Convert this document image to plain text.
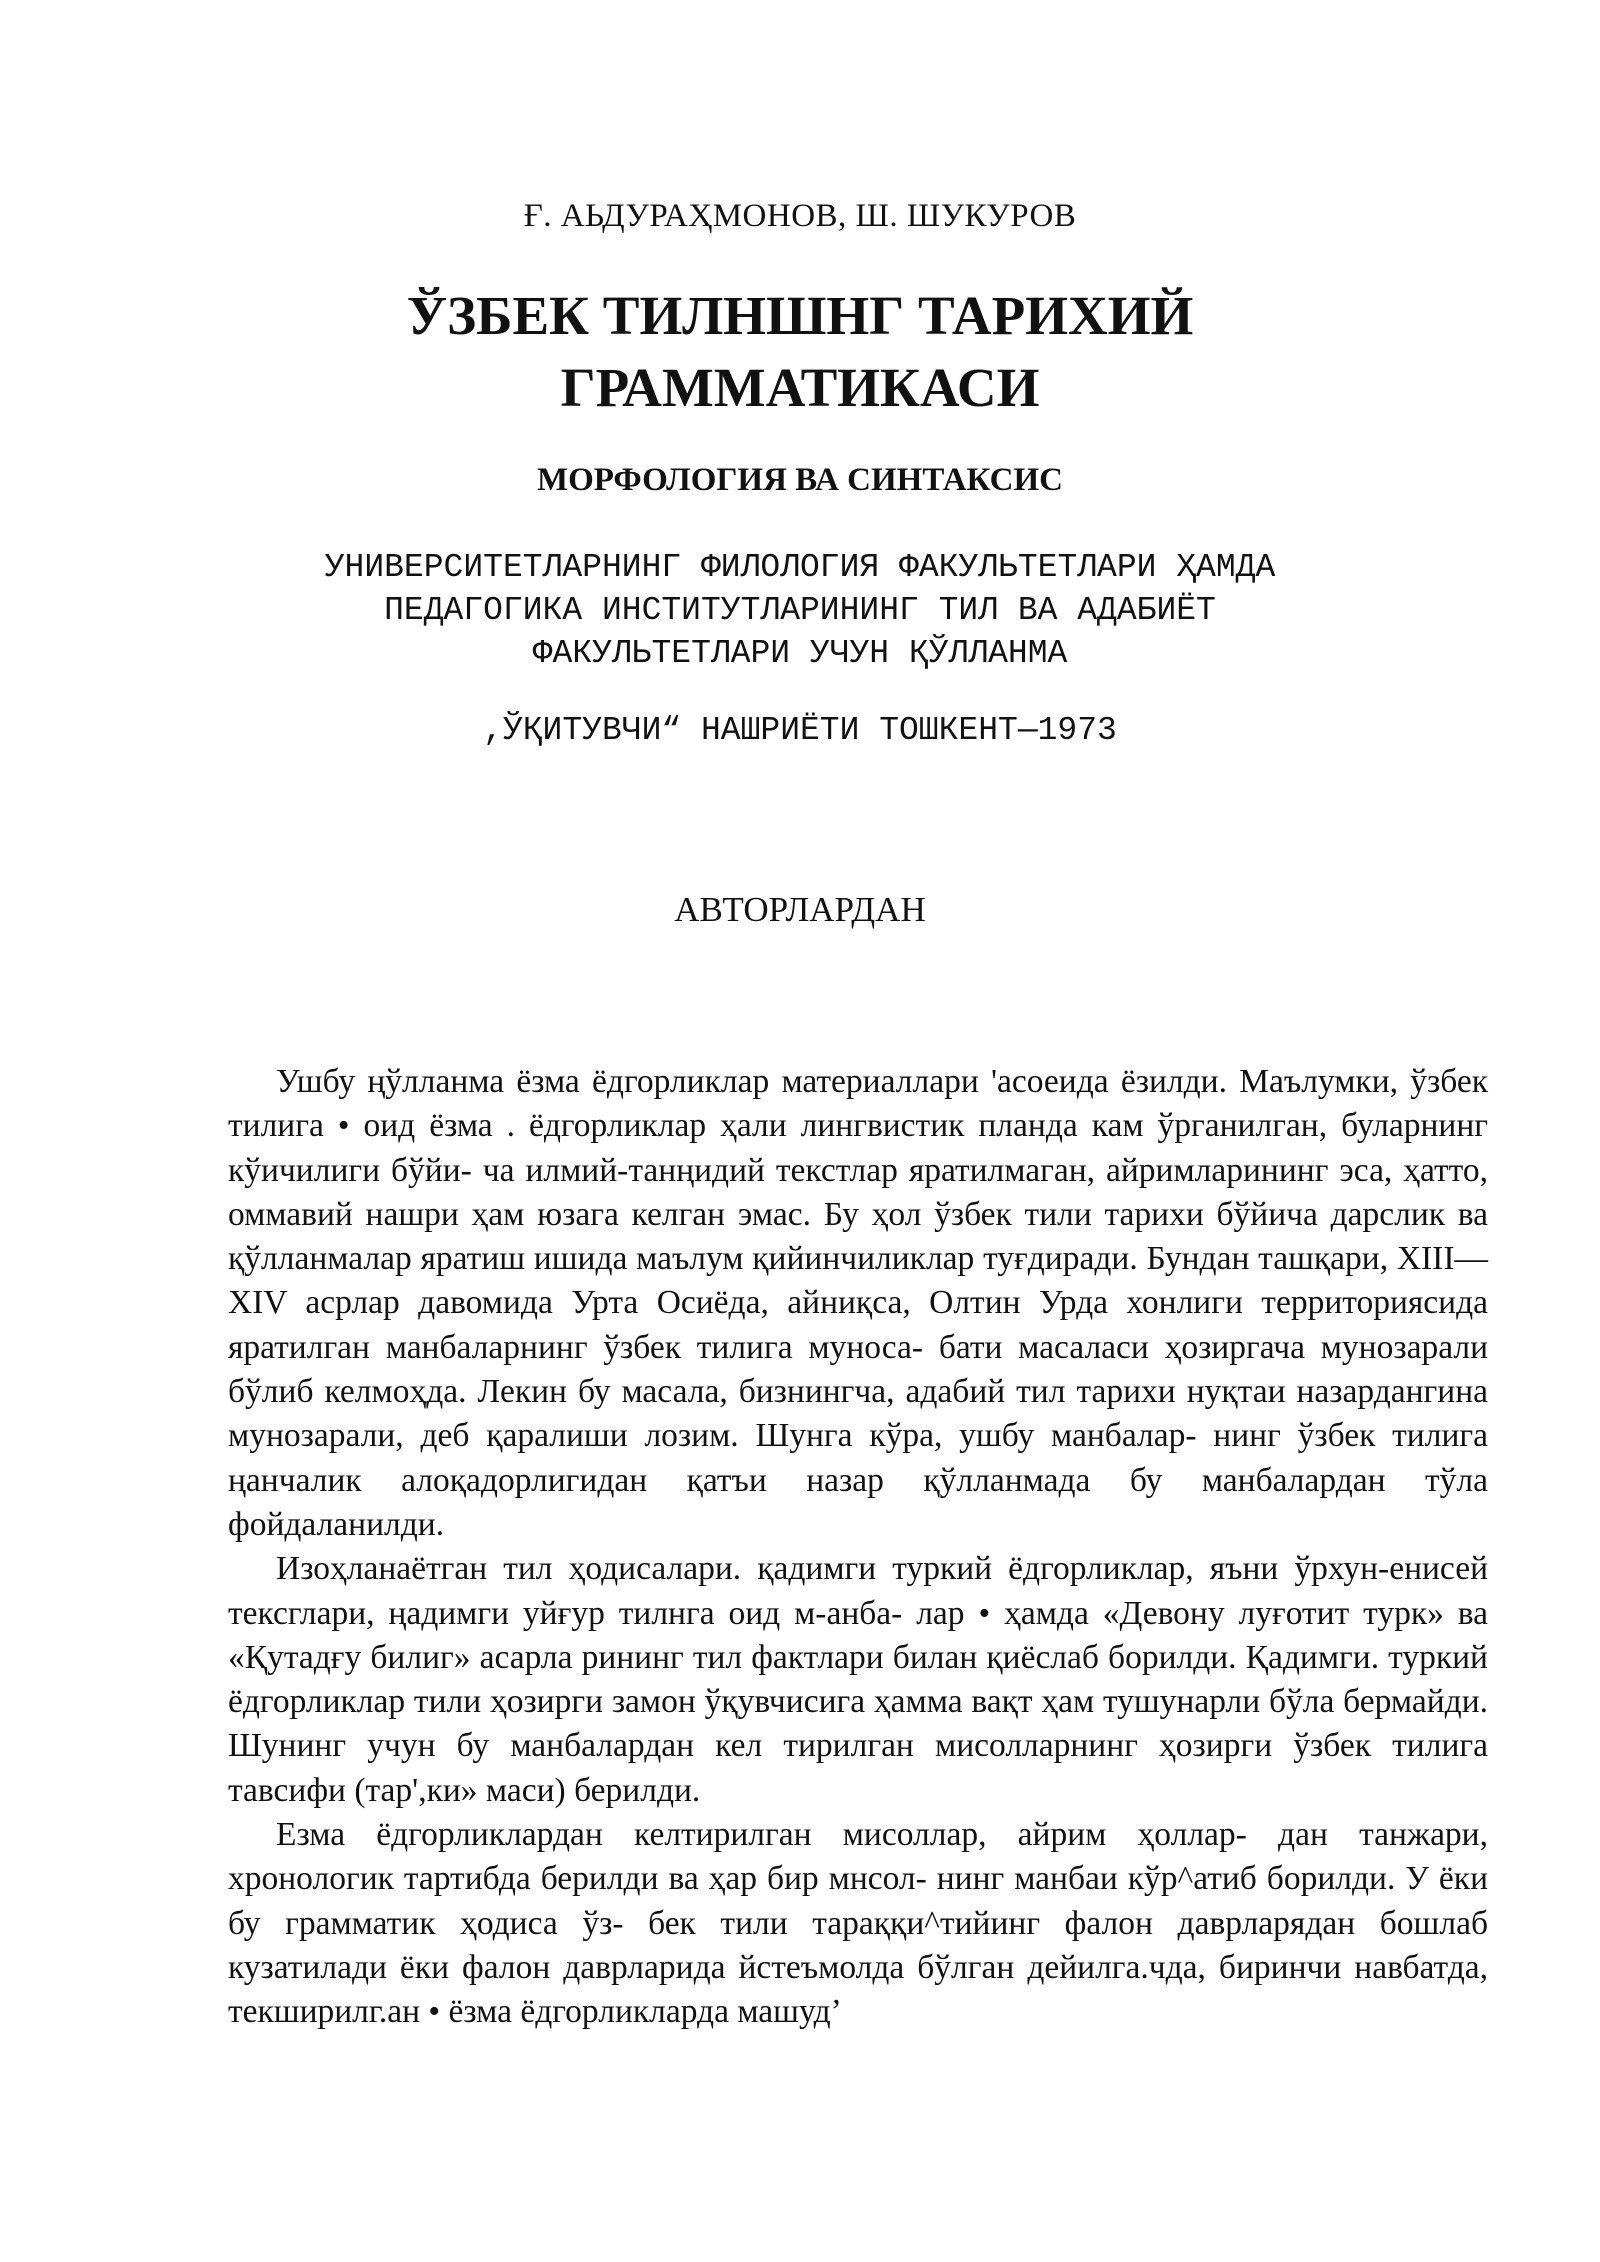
Ғ. АЬДУРАҲМОНОВ, Ш. ШУКУРОВ
ЎЗБЕК ТИЛНШНГ ТАРИХИЙ
ГРАММАТИКАСИ
МОРФОЛОГИЯ ВА СИНТАКСИС
УНИВЕРСИТЕТЛАРНИНГ ФИЛОЛОГИЯ ФАКУЛЬТЕТЛАРИ ҲАМДА
ПЕДАГОГИКА ИНСТИТУТЛАРИНИНГ ТИЛ ВА АДАБИЁТ
ФАКУЛЬТЕТЛАРИ УЧУН ҚЎЛЛАНМА
,ЎҚИТУВЧИ“ НАШРИЁТИ ТОШКЕНТ—1973
АВТОРЛАРДАН

Ушбу ңўлланма ёзма ёдгорликлар материаллари 'асоеида ёзилди. Маълумки, ўзбек тилига • оид ёзма . ёдгорликлар ҳали лингвистик планда кам ўрганилган, буларнинг кўичилиги бўйи- ча илмий-танңидий текстлар яратилмаган, айримларининг эса, ҳатто, оммавий нашри ҳам юзага келган эмас. Бу ҳол ўзбек тили тарихи бўйича дарслик ва қўлланмалар яратиш ишида маълум қийинчиликлар туғдиради. Бундан ташқари, XIII—XIV асрлар давомида Урта Осиёда, айниқса, Олтин Урда хонлиги территориясида яратилган манбаларнинг ўзбек тилига муноса- бати масаласи ҳозиргача мунозарали бўлиб келмоҳда. Лекин бу масала, бизнингча, адабий тил тарихи нуқтаи назардангина мунозарали, деб қаралиши лозим. Шунга кўра, ушбу манбалар- нинг ўзбек тилига ңанчалик алоқадорлигидан қатъи назар қўлланмада бу манбалардан тўла фойдаланилди.

Изоҳланаётган тил ҳодисалари. қадимги туркий ёдгорликлар, яъни ўрхун-енисей тексглари, ңадимги уйғур тилнга оид м-анба- лар • ҳамда «Девону луғотит турк» ва «Қутадғу билиг» асарла рининг тил фактлари билан қиёслаб борилди. Қадимги. туркий ёдгорликлар тили ҳозирги замон ўқувчисига ҳамма вақт ҳам тушунарли бўла бермайди. Шунинг учун бу манбалардан кел тирилган мисолларнинг ҳозирги ўзбек тилига тавсифи (тар',ки» маси) берилди.

Езма ёдгорликлардан келтирилган мисоллар, айрим ҳоллар- дан танжари, хронологик тартибда берилди ва ҳар бир мнсол- нинг манбаи кўр^атиб борилди. У ёки бу грамматик ҳодиса ўз- бек тили тараққи^тийинг фалон даврларядан бошлаб кузатилади ёки фалон даврларида йстеъмолда бўлган дейилга.чда, биринчи навбатда, текширилг.ан • ёзма ёдгорликларда машуд’
